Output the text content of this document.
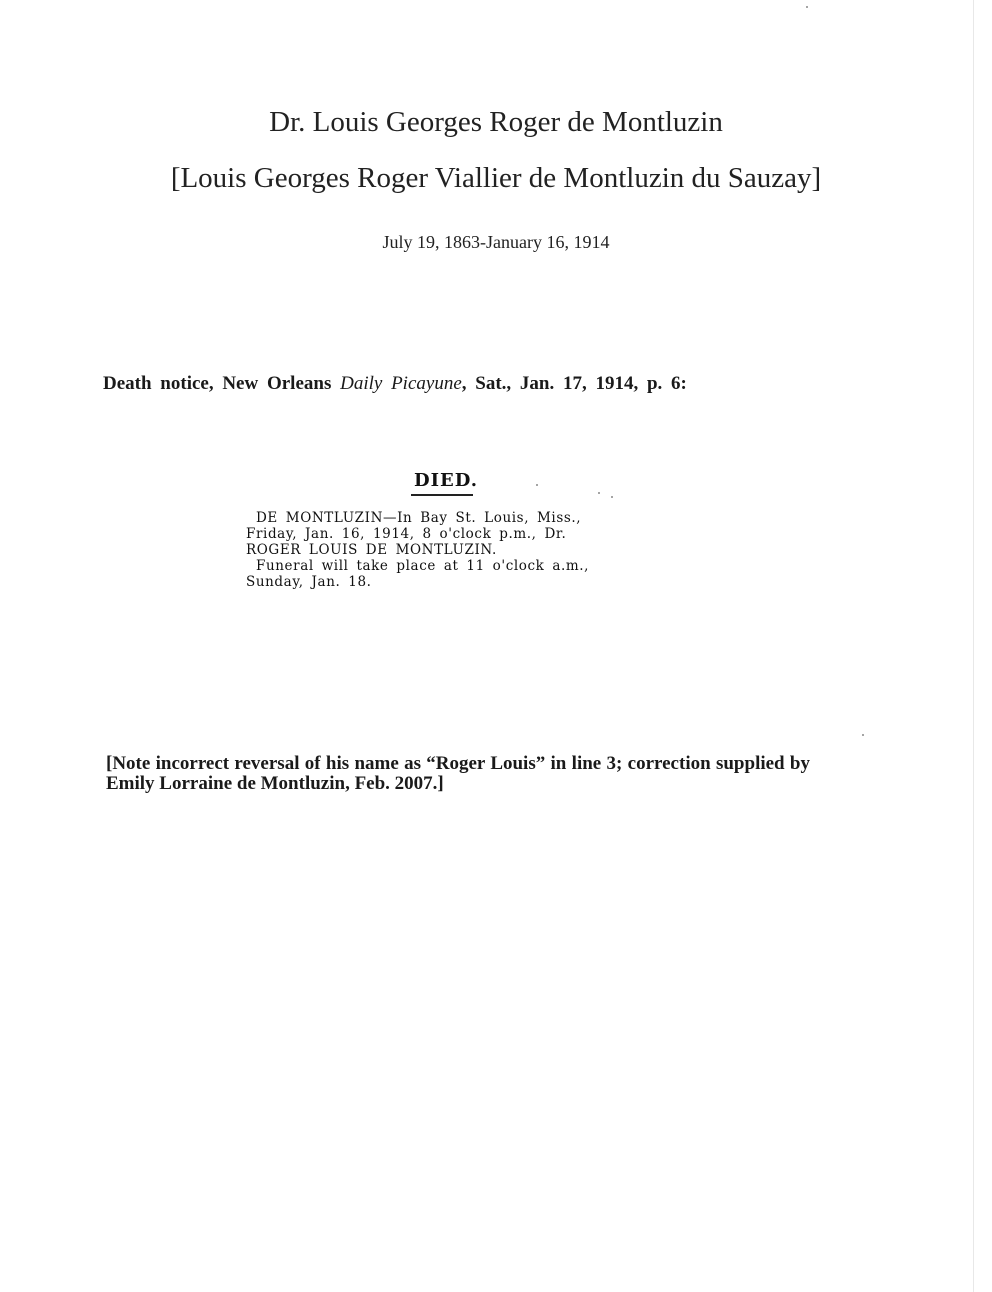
Dr. Louis Georges Roger de Montluzin
[Louis Georges Roger Viallier de Montluzin du Sauzay]
July 19, 1863-January 16, 1914
Death notice, New Orleans Daily Picayune, Sat., Jan. 17, 1914, p. 6:
DIED.
DE MONTLUZIN—In Bay St. Louis, Miss.,
Friday, Jan. 16, 1914, 8 o'clock p.m., Dr.
ROGER LOUIS DE MONTLUZIN.
Funeral will take place at 11 o'clock a.m.,
Sunday, Jan. 18.
[Note incorrect reversal of his name as “Roger Louis” in line 3; correction supplied by Emily Lorraine de Montluzin, Feb. 2007.]
